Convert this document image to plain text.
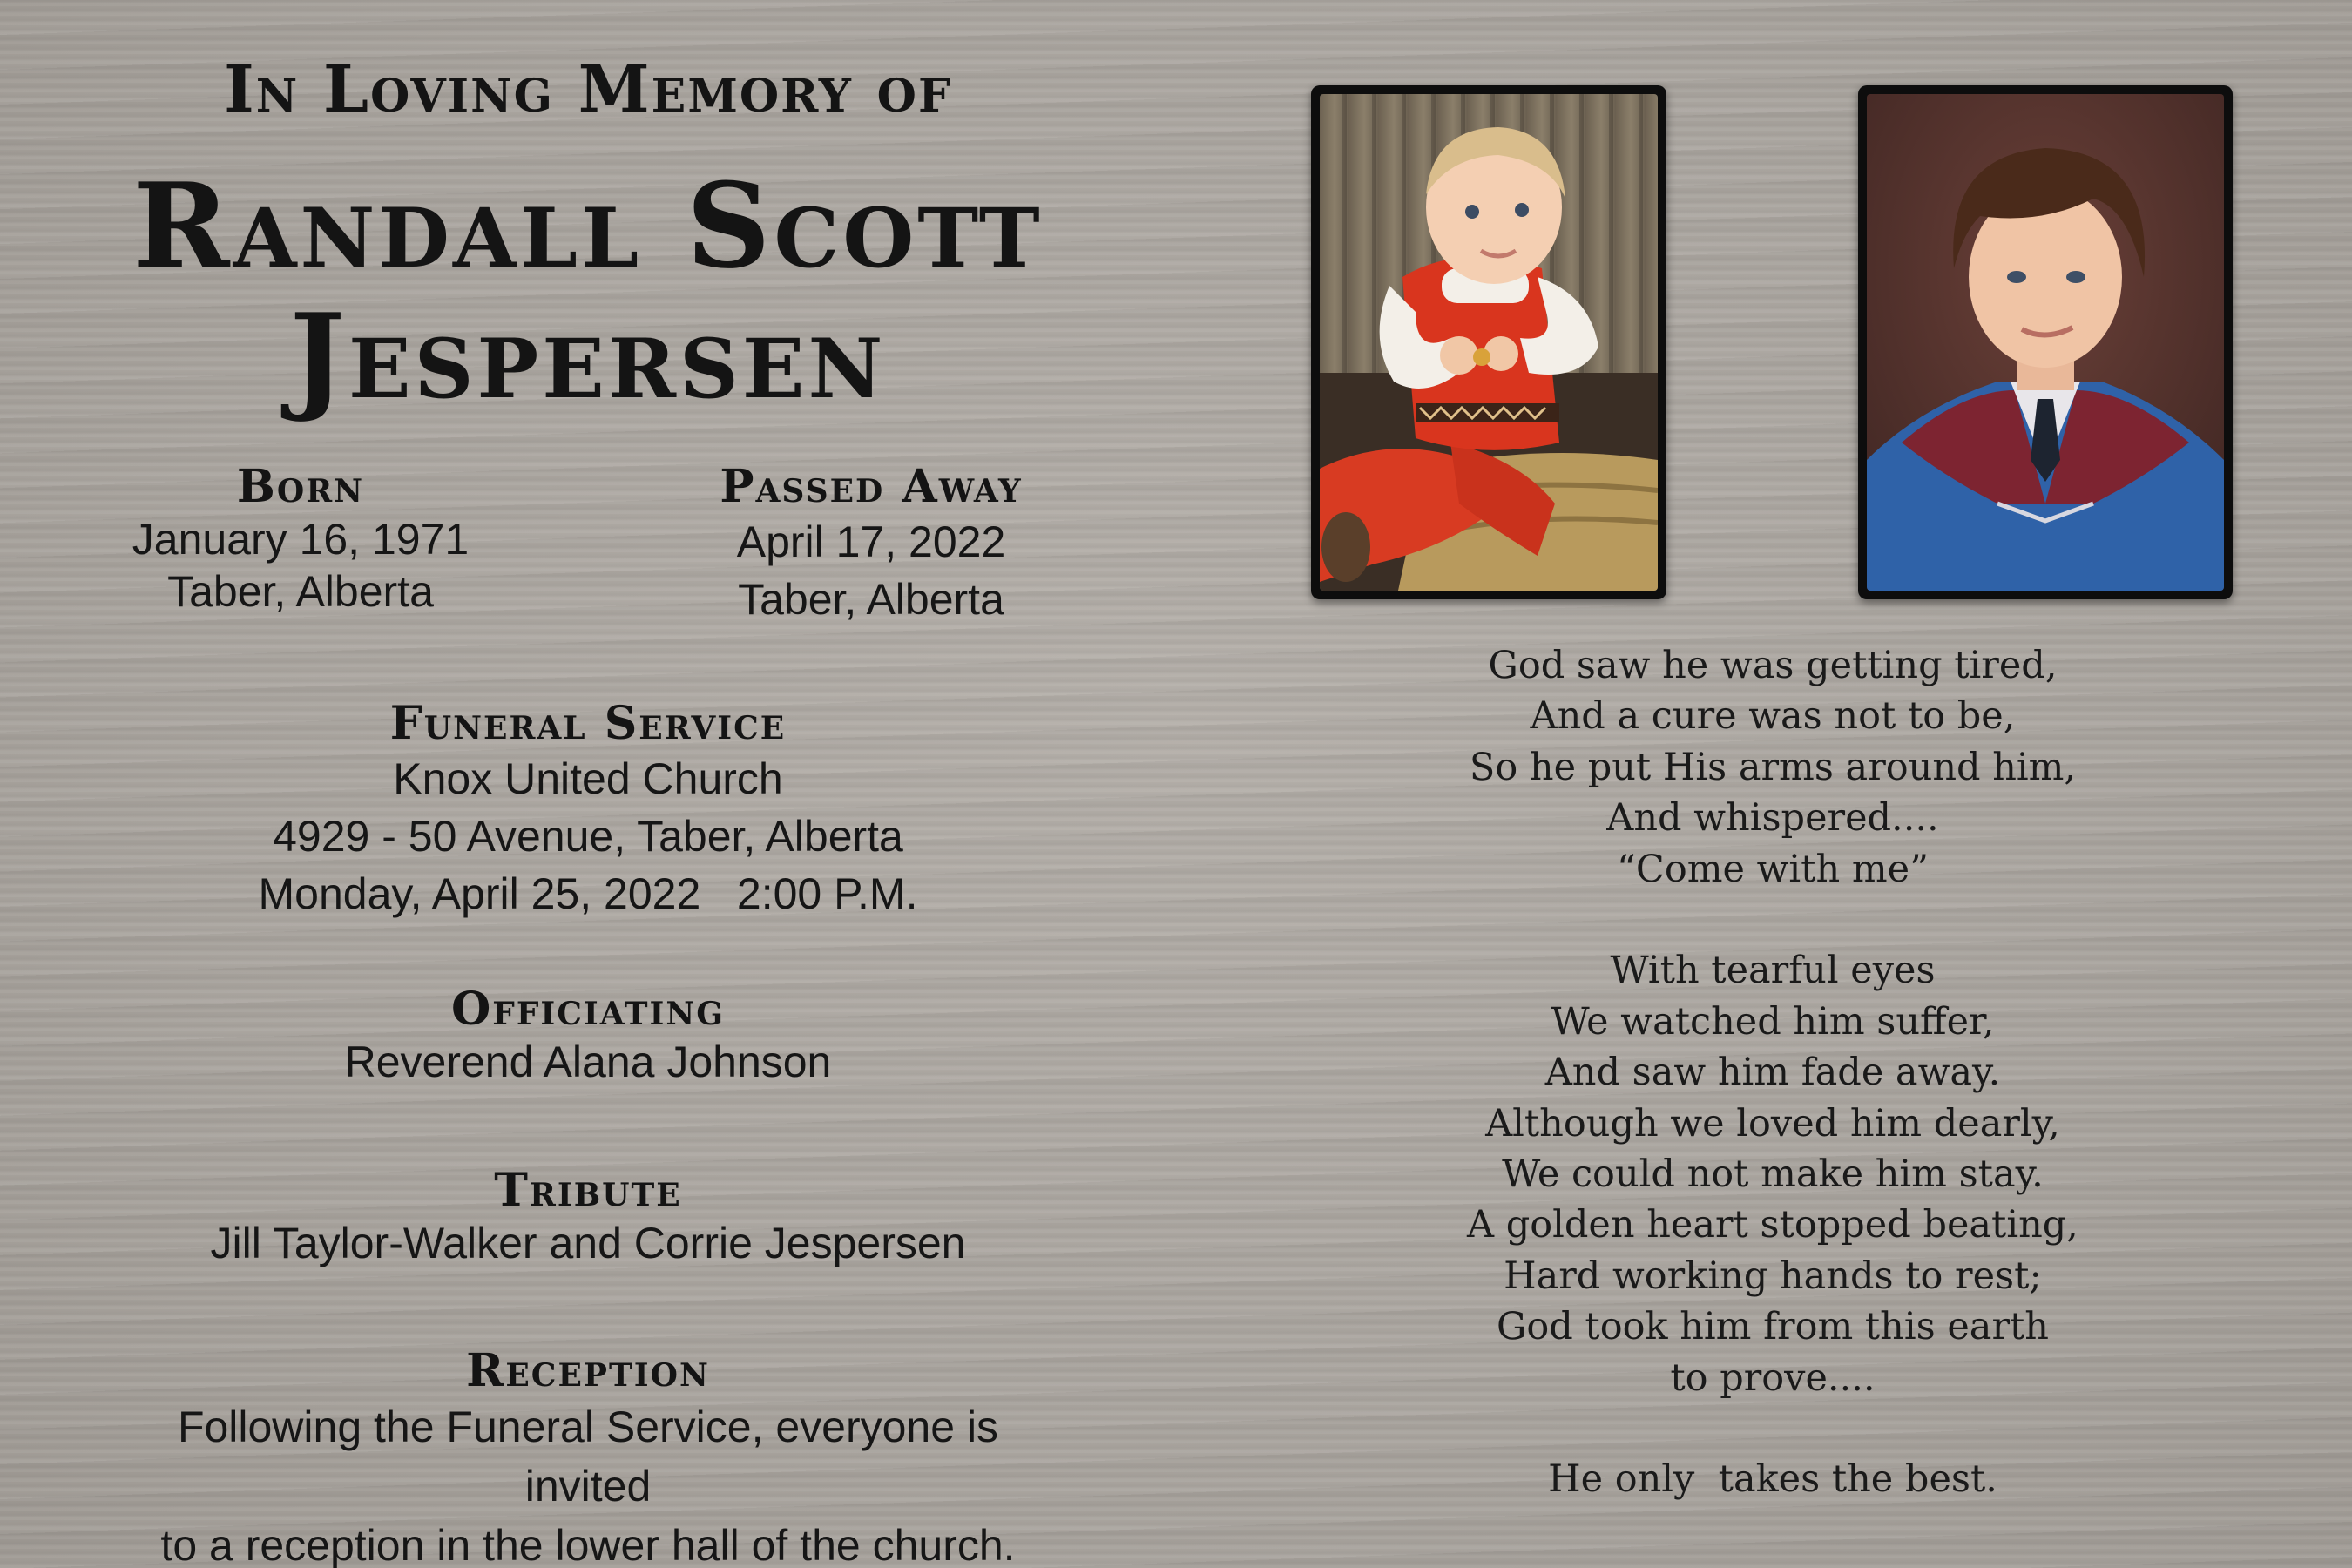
In Loving Memory of
Randall Scott
Jespersen
Born
January 16, 1971
Taber, Alberta
Passed Away
April 17, 2022
Taber, Alberta
Funeral Service
Knox United Church
4929 - 50 Avenue, Taber, Alberta
Monday, April 25, 2022   2:00 P.M.
Officiating
Reverend Alana Johnson
Tribute
Jill Taylor-Walker and Corrie Jespersen
Reception
Following the Funeral Service, everyone is invited
to a reception in the lower hall of the church.
God saw he was getting tired,
And a cure was not to be,
So he put His arms around him,
And whispered....
“Come with me”
With tearful eyes
We watched him suffer,
And saw him fade away.
Although we loved him dearly,
We could not make him stay.
A golden heart stopped beating,
Hard working hands to rest;
God took him from this earth
to prove....
He only  takes the best.
